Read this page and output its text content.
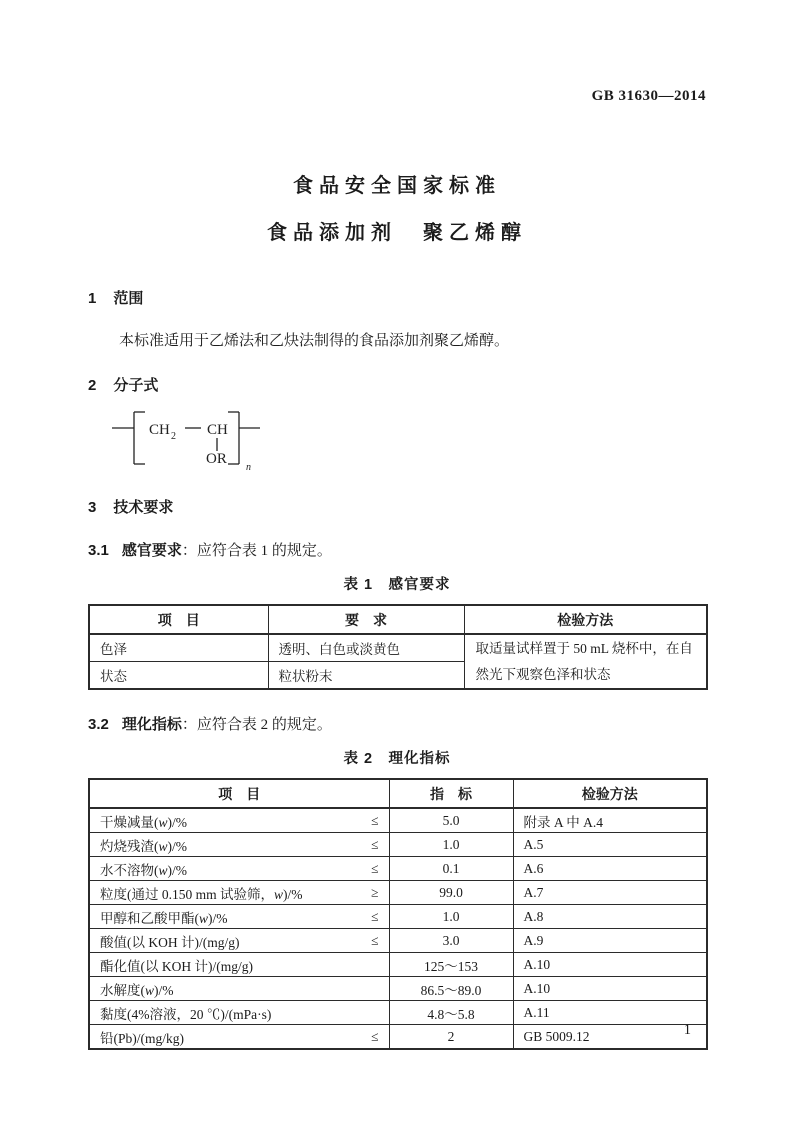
GB 31630—2014
食品安全国家标准
食品添加剂　聚乙烯醇
1 范围

本标准适用于乙烯法和乙炔法制得的食品添加剂聚乙烯醇。

2 分子式
CH 2 CH
OR
n
3 技术要求

3.1 感官要求：应符合表 1 的规定。

表 1　感官要求
项　目	要　求	检验方法
色泽	透明、白色或淡黄色	取适量试样置于 50 mL 烧杯中，在自然光下观察色泽和状态
状态	粒状粉末	

3.2 理化指标：应符合表 2 的规定。

表 2　理化指标
项　目	指　标	检验方法

干燥减量(w)/% ≤	5.0	附录 A 中 A.4

灼烧残渣(w)/% ≤	1.0	A.5

水不溶物(w)/% ≤	0.1	A.6

粒度(通过 0.150 mm 试验筛，w)/% ≥	99.0	A.7

甲醇和乙酸甲酯(w)/% ≤	1.0	A.8

酸值(以 KOH 计)/(mg/g) ≤	3.0	A.9

酯化值(以 KOH 计)/(mg/g)	125～153	A.10

水解度(w)/%	86.5～89.0	A.10

黏度(4%溶液，20 ℃)/(mPa·s)	4.8～5.8	A.11

铅(Pb)/(mg/kg) ≤	2	GB 5009.12	1
